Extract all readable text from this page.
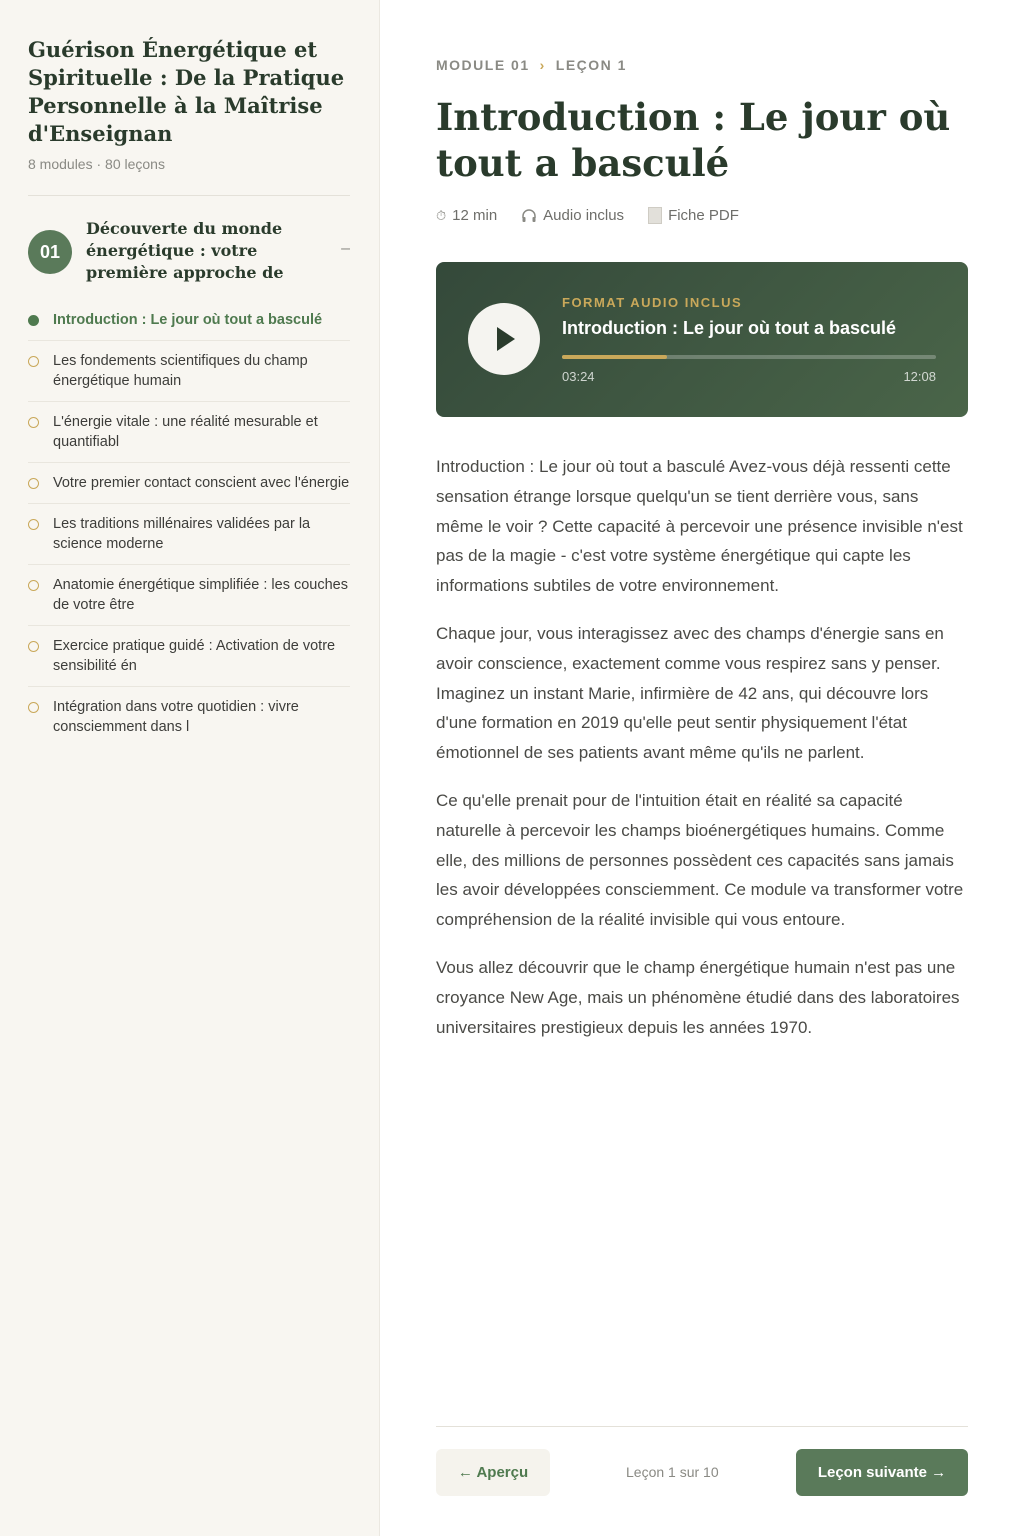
Guérison Énergétique et Spirituelle : De la Pratique Personnelle à la Maîtrise d'Enseignan
8 modules · 80 leçons
01
Découverte du monde énergétique : votre première approche de
–
Introduction : Le jour où tout a basculé
Les fondements scientifiques du champ énergétique humain
L'énergie vitale : une réalité mesurable et quantifiabl
Votre premier contact conscient avec l'énergie
Les traditions millénaires validées par la science moderne
Anatomie énergétique simplifiée : les couches de votre être
Exercice pratique guidé : Activation de votre sensibilité én
Intégration dans votre quotidien : vivre consciemment dans l
MODULE 01 › LEÇON 1
Introduction : Le jour où tout a basculé
⏱ 12 min	Audio inclus	Fiche PDF
FORMAT AUDIO INCLUS
Introduction : Le jour où tout a basculé
03:24	12:08

Introduction : Le jour où tout a basculé Avez-vous déjà ressenti cette sensation étrange lorsque quelqu'un se tient derrière vous, sans même le voir ? Cette capacité à percevoir une présence invisible n'est pas de la magie - c'est votre système énergétique qui capte les informations subtiles de votre environnement.

Chaque jour, vous interagissez avec des champs d'énergie sans en avoir conscience, exactement comme vous respirez sans y penser. Imaginez un instant Marie, infirmière de 42 ans, qui découvre lors d'une formation en 2019 qu'elle peut sentir physiquement l'état émotionnel de ses patients avant même qu'ils ne parlent.

Ce qu'elle prenait pour de l'intuition était en réalité sa capacité naturelle à percevoir les champs bioénergétiques humains. Comme elle, des millions de personnes possèdent ces capacités sans jamais les avoir développées consciemment. Ce module va transformer votre compréhension de la réalité invisible qui vous entoure.

Vous allez découvrir que le champ énergétique humain n'est pas une croyance New Age, mais un phénomène étudié dans des laboratoires universitaires prestigieux depuis les années 1970.

← Aperçu	Leçon 1 sur 10	Leçon suivante →
